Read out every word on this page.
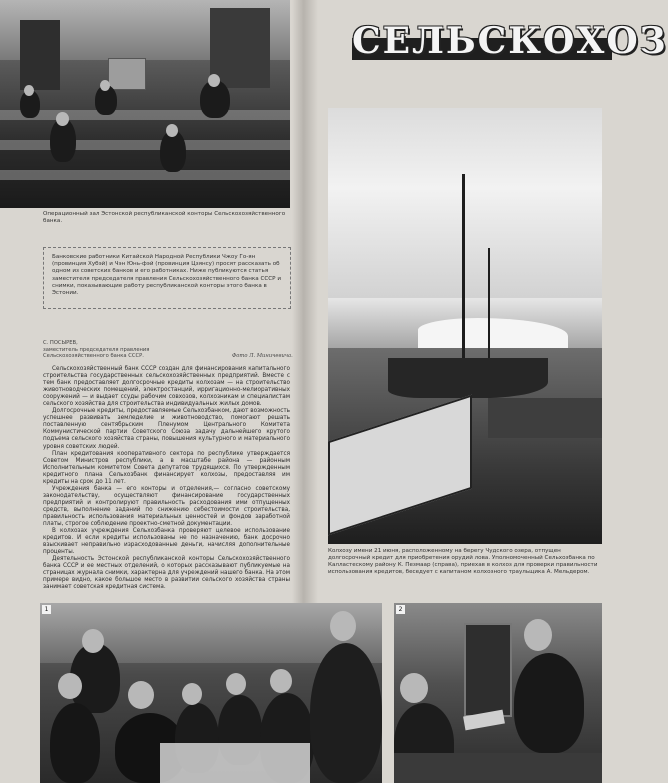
Операционный зал Эстонской республиканской конторы Сельскохозяйственного банка.
Банковские работники Китайской Народной Республики Чжоу Го-ян (провинция Хубэй) и Чэн Юнь-фэй (провинция Цзянсу) просят рассказать об одном из советских банков и его работниках. Ниже публикуются статья заместителя председателя правления Сельскохозяйственного банка СССР и снимки, показывающие работу республиканской конторы этого банка в Эстонии.
С. ПОСЫРЕВ,
заместитель председателя правления Сельскохозяйственного банка СССР.	Фото Л. Миничевича.

Сельскохозяйственный банк СССР создан для финансирования капитального строительства государственных сельскохозяйственных предприятий. Вместе с тем банк предоставляет долгосрочные кредиты колхозам — на строительство животноводческих помещений, электростанций, ирригационно-мелиоративных сооружений — и выдает ссуды рабочим совхозов, колхозникам и специалистам сельского хозяйства для строительства индивидуальных жилых домов.

Долгосрочные кредиты, предоставляемые Сельхозбанком, дают возможность успешнее развивать земледелие и животноводство, помогают решать поставленную сентябрьским Пленумом Центрального Комитета Коммунистической партии Советского Союза задачу дальнейшего крутого подъема сельского хозяйства страны, повышения культурного и материального уровня советских людей.

План кредитования кооперативного сектора по республике утверждается Советом Министров республики, а в масштабе района — районным Исполнительным комитетом Совета депутатов трудящихся. По утвержденным кредитного плана Сельхозбанк финансирует колхозы, предоставляя им кредиты на срок до 11 лет.

Учреждения банка — его конторы и отделения,— согласно советскому законодательству, осуществляют финансирование государственных предприятий и контролируют правильность расходования ими отпущенных средств, выполнение заданий по снижению себестоимости строительства, правильность использования материальных ценностей и фондов заработной платы, строгое соблюдение проектно-сметной документации.

В колхозах учреждения Сельхозбанка проверяют целевое использование кредитов. И если кредиты использованы не по назначению, банк досрочно взыскивает неправильно израсходованные деньги, начисляя дополнительные проценты.

Деятельность Эстонской республиканской конторы Сельскохозяйственного банка СССР и ее местных отделений, о которых рассказывают публикуемые на страницах журнала снимки, характерна для учреждений нашего банка. На этом примере видно, какое большое место в развитии сельского хозяйства страны занимает советская кредитная система.

СЕЛЬСКОХОЗ
Колхозу имени 21 июня, расположенному на берегу Чудского озера, отпущен долгосрочный кредит для приобретения орудий лова. Уполномоченный Сельхозбанка по Калластескому району К. Пезмаар (справа), приехав в колхоз для проверки правильности использования кредитов, беседует с капитаном колхозного траульщика А. Мельдером.
1	2
